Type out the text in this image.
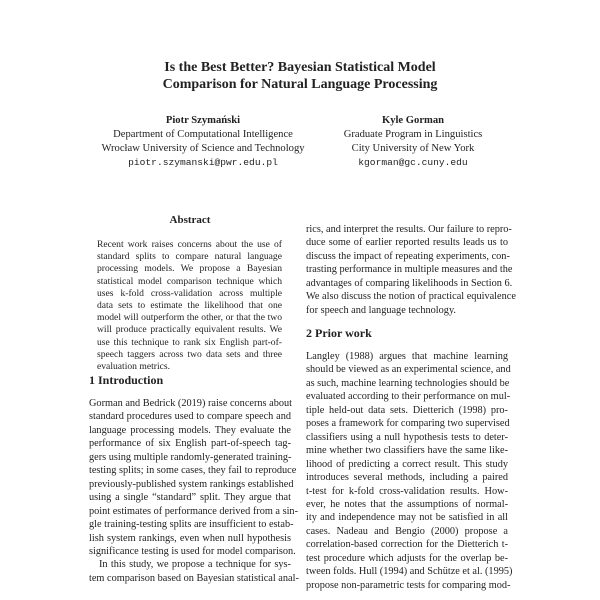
Is the Best Better? Bayesian Statistical Model
Comparison for Natural Language Processing
Piotr Szymański
Department of Computational Intelligence
Wrocław University of Science and Technology
piotr.szymanski@pwr.edu.pl
Kyle Gorman
Graduate Program in Linguistics
City University of New York
kgorman@gc.cuny.edu
Abstract
Recent work raises concerns about the use of
standard splits to compare natural language
processing models. We propose a Bayesian
statistical model comparison technique which
uses k-fold cross-validation across multiple
data sets to estimate the likelihood that one
model will outperform the other, or that the two
will produce practically equivalent results. We
use this technique to rank six English part-of-
speech taggers across two data sets and three
evaluation metrics.
1 Introduction
Gorman and Bedrick (2019) raise concerns about
standard procedures used to compare speech and
language processing models. They evaluate the
performance of six English part-of-speech tag-
gers using multiple randomly-generated training-
testing splits; in some cases, they fail to reproduce
previously-published system rankings established
using a single “standard” split. They argue that
point estimates of performance derived from a sin-
gle training-testing splits are insufficient to estab-
lish system rankings, even when null hypothesis
significance testing is used for model comparison.
In this study, we propose a technique for sys-
tem comparison based on Bayesian statistical anal-
rics, and interpret the results. Our failure to repro-
duce some of earlier reported results leads us to
discuss the impact of repeating experiments, con-
trasting performance in multiple measures and the
advantages of comparing likelihoods in Section 6.
We also discuss the notion of practical equivalence
for speech and language technology.
2 Prior work
Langley (1988) argues that machine learning
should be viewed as an experimental science, and
as such, machine learning technologies should be
evaluated according to their performance on mul-
tiple held-out data sets. Dietterich (1998) pro-
poses a framework for comparing two supervised
classifiers using a null hypothesis tests to deter-
mine whether two classifiers have the same like-
lihood of predicting a correct result. This study
introduces several methods, including a paired
t-test for k-fold cross-validation results. How-
ever, he notes that the assumptions of normal-
ity and independence may not be satisfied in all
cases. Nadeau and Bengio (2000) propose a
correlation-based correction for the Dietterich t-
test procedure which adjusts for the overlap be-
tween folds. Hull (1994) and Schütze et al. (1995)
propose non-parametric tests for comparing mod-
